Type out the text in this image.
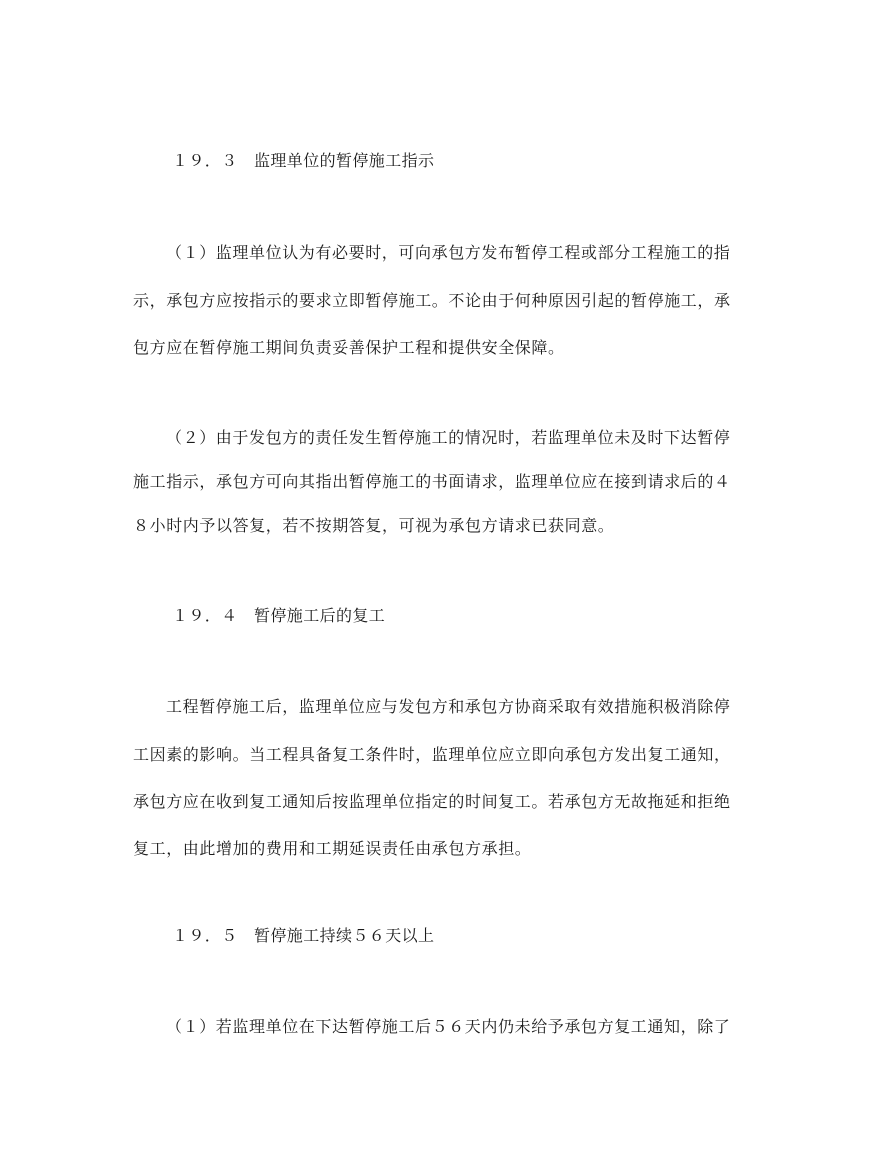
１９．３　监理单位的暂停施工指示
（１）监理单位认为有必要时，可向承包方发布暂停工程或部分工程施工的指
示，承包方应按指示的要求立即暂停施工。不论由于何种原因引起的暂停施工，承
包方应在暂停施工期间负责妥善保护工程和提供安全保障。
（２）由于发包方的责任发生暂停施工的情况时，若监理单位未及时下达暂停
施工指示，承包方可向其指出暂停施工的书面请求，监理单位应在接到请求后的４
８小时内予以答复，若不按期答复，可视为承包方请求已获同意。
１９．４　暂停施工后的复工
工程暂停施工后，监理单位应与发包方和承包方协商采取有效措施积极消除停
工因素的影响。当工程具备复工条件时，监理单位应立即向承包方发出复工通知，
承包方应在收到复工通知后按监理单位指定的时间复工。若承包方无故拖延和拒绝
复工，由此增加的费用和工期延误责任由承包方承担。
１９．５　暂停施工持续５６天以上
（１）若监理单位在下达暂停施工后５６天内仍未给予承包方复工通知，除了
